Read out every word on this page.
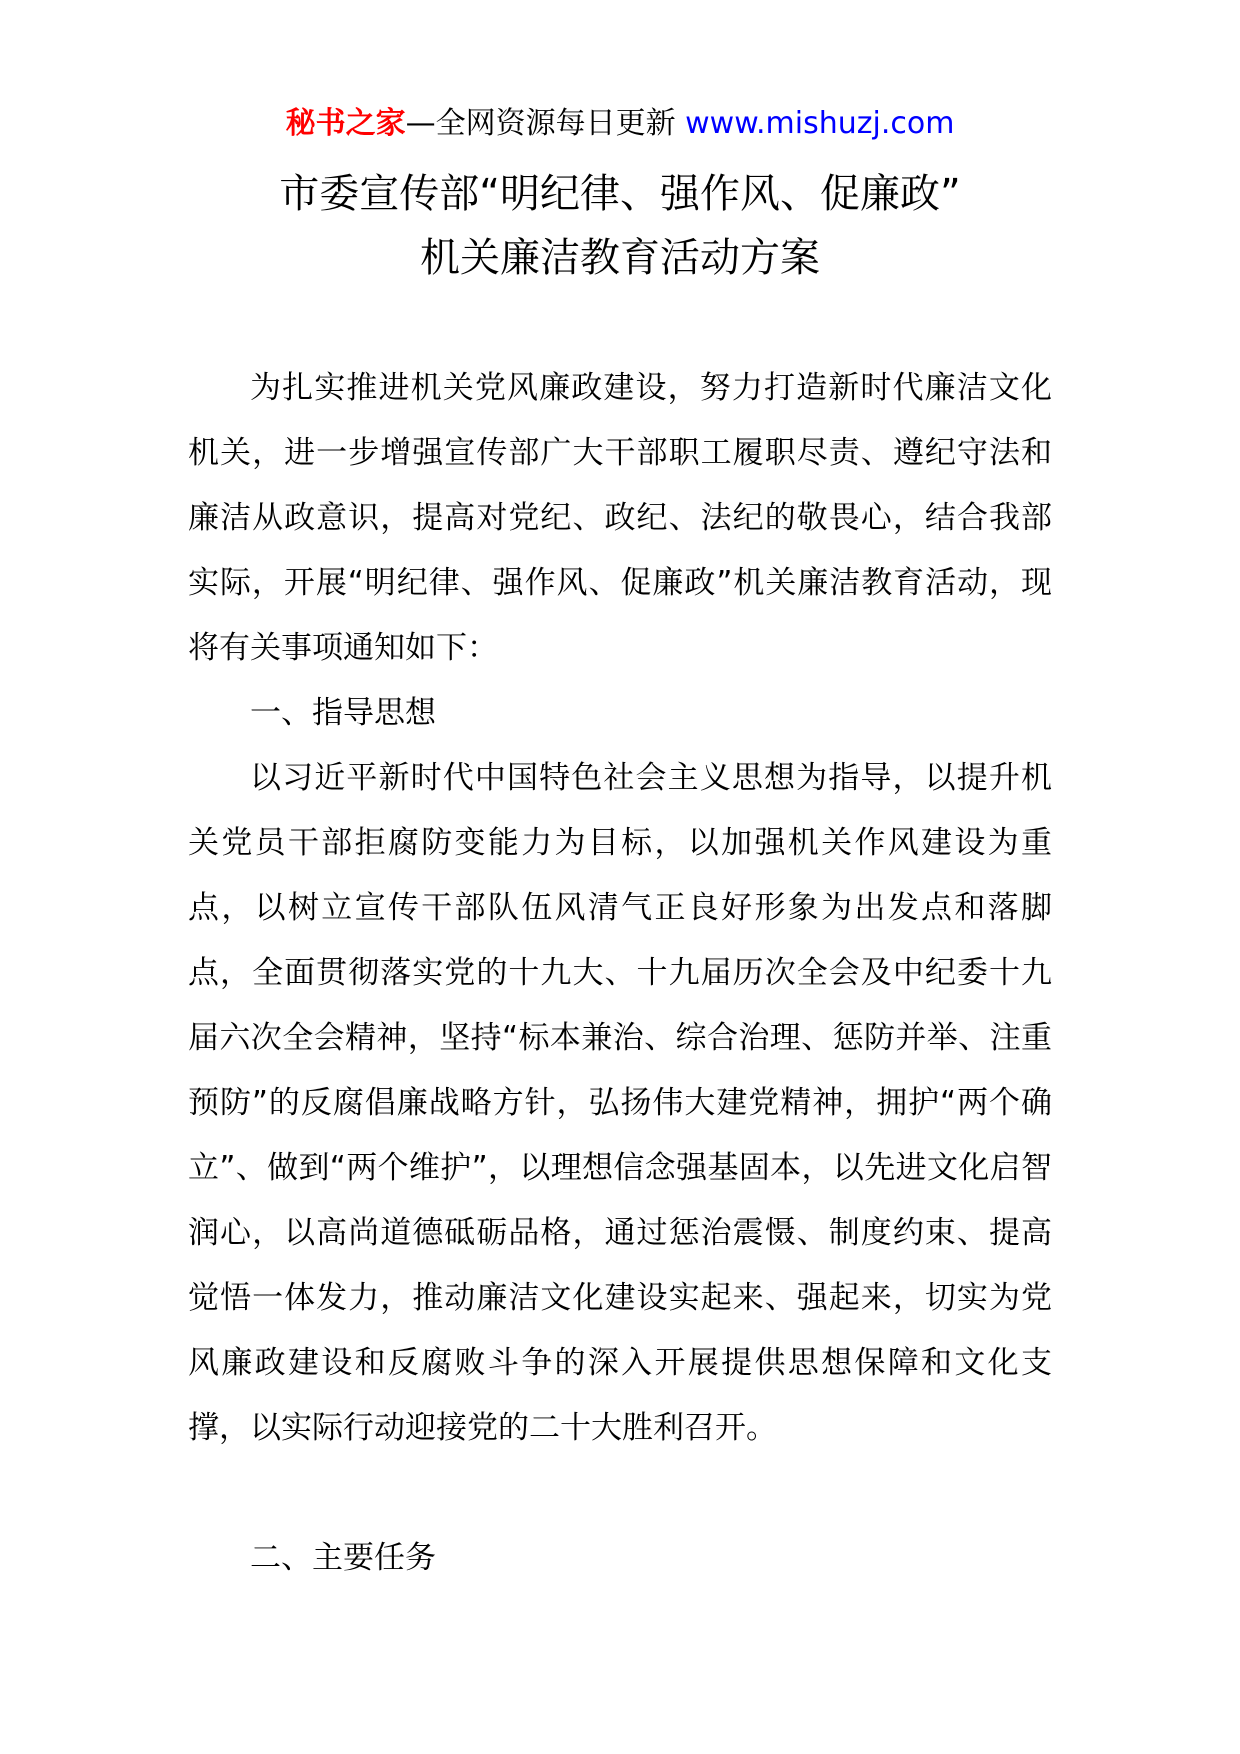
秘书之家—全网资源每日更新 www.mishuzj.com
市委宣传部“明纪律、强作风、促廉政”
机关廉洁教育活动方案

为扎实推进机关党风廉政建设，努力打造新时代廉洁文化机关，进一步增强宣传部广大干部职工履职尽责、遵纪守法和廉洁从政意识，提高对党纪、政纪、法纪的敬畏心，结合我部实际，开展“明纪律、强作风、促廉政”机关廉洁教育活动，现将有关事项通知如下：

一、指导思想

以习近平新时代中国特色社会主义思想为指导，以提升机关党员干部拒腐防变能力为目标，以加强机关作风建设为重点，以树立宣传干部队伍风清气正良好形象为出发点和落脚点，全面贯彻落实党的十九大、十九届历次全会及中纪委十九届六次全会精神，坚持“标本兼治、综合治理、惩防并举、注重预防”的反腐倡廉战略方针，弘扬伟大建党精神，拥护“两个确立”、做到“两个维护”，以理想信念强基固本，以先进文化启智润心，以高尚道德砥砺品格，通过惩治震慑、制度约束、提高觉悟一体发力，推动廉洁文化建设实起来、强起来，切实为党风廉政建设和反腐败斗争的深入开展提供思想保障和文化支撑，以实际行动迎接党的二十大胜利召开。

二、主要任务
